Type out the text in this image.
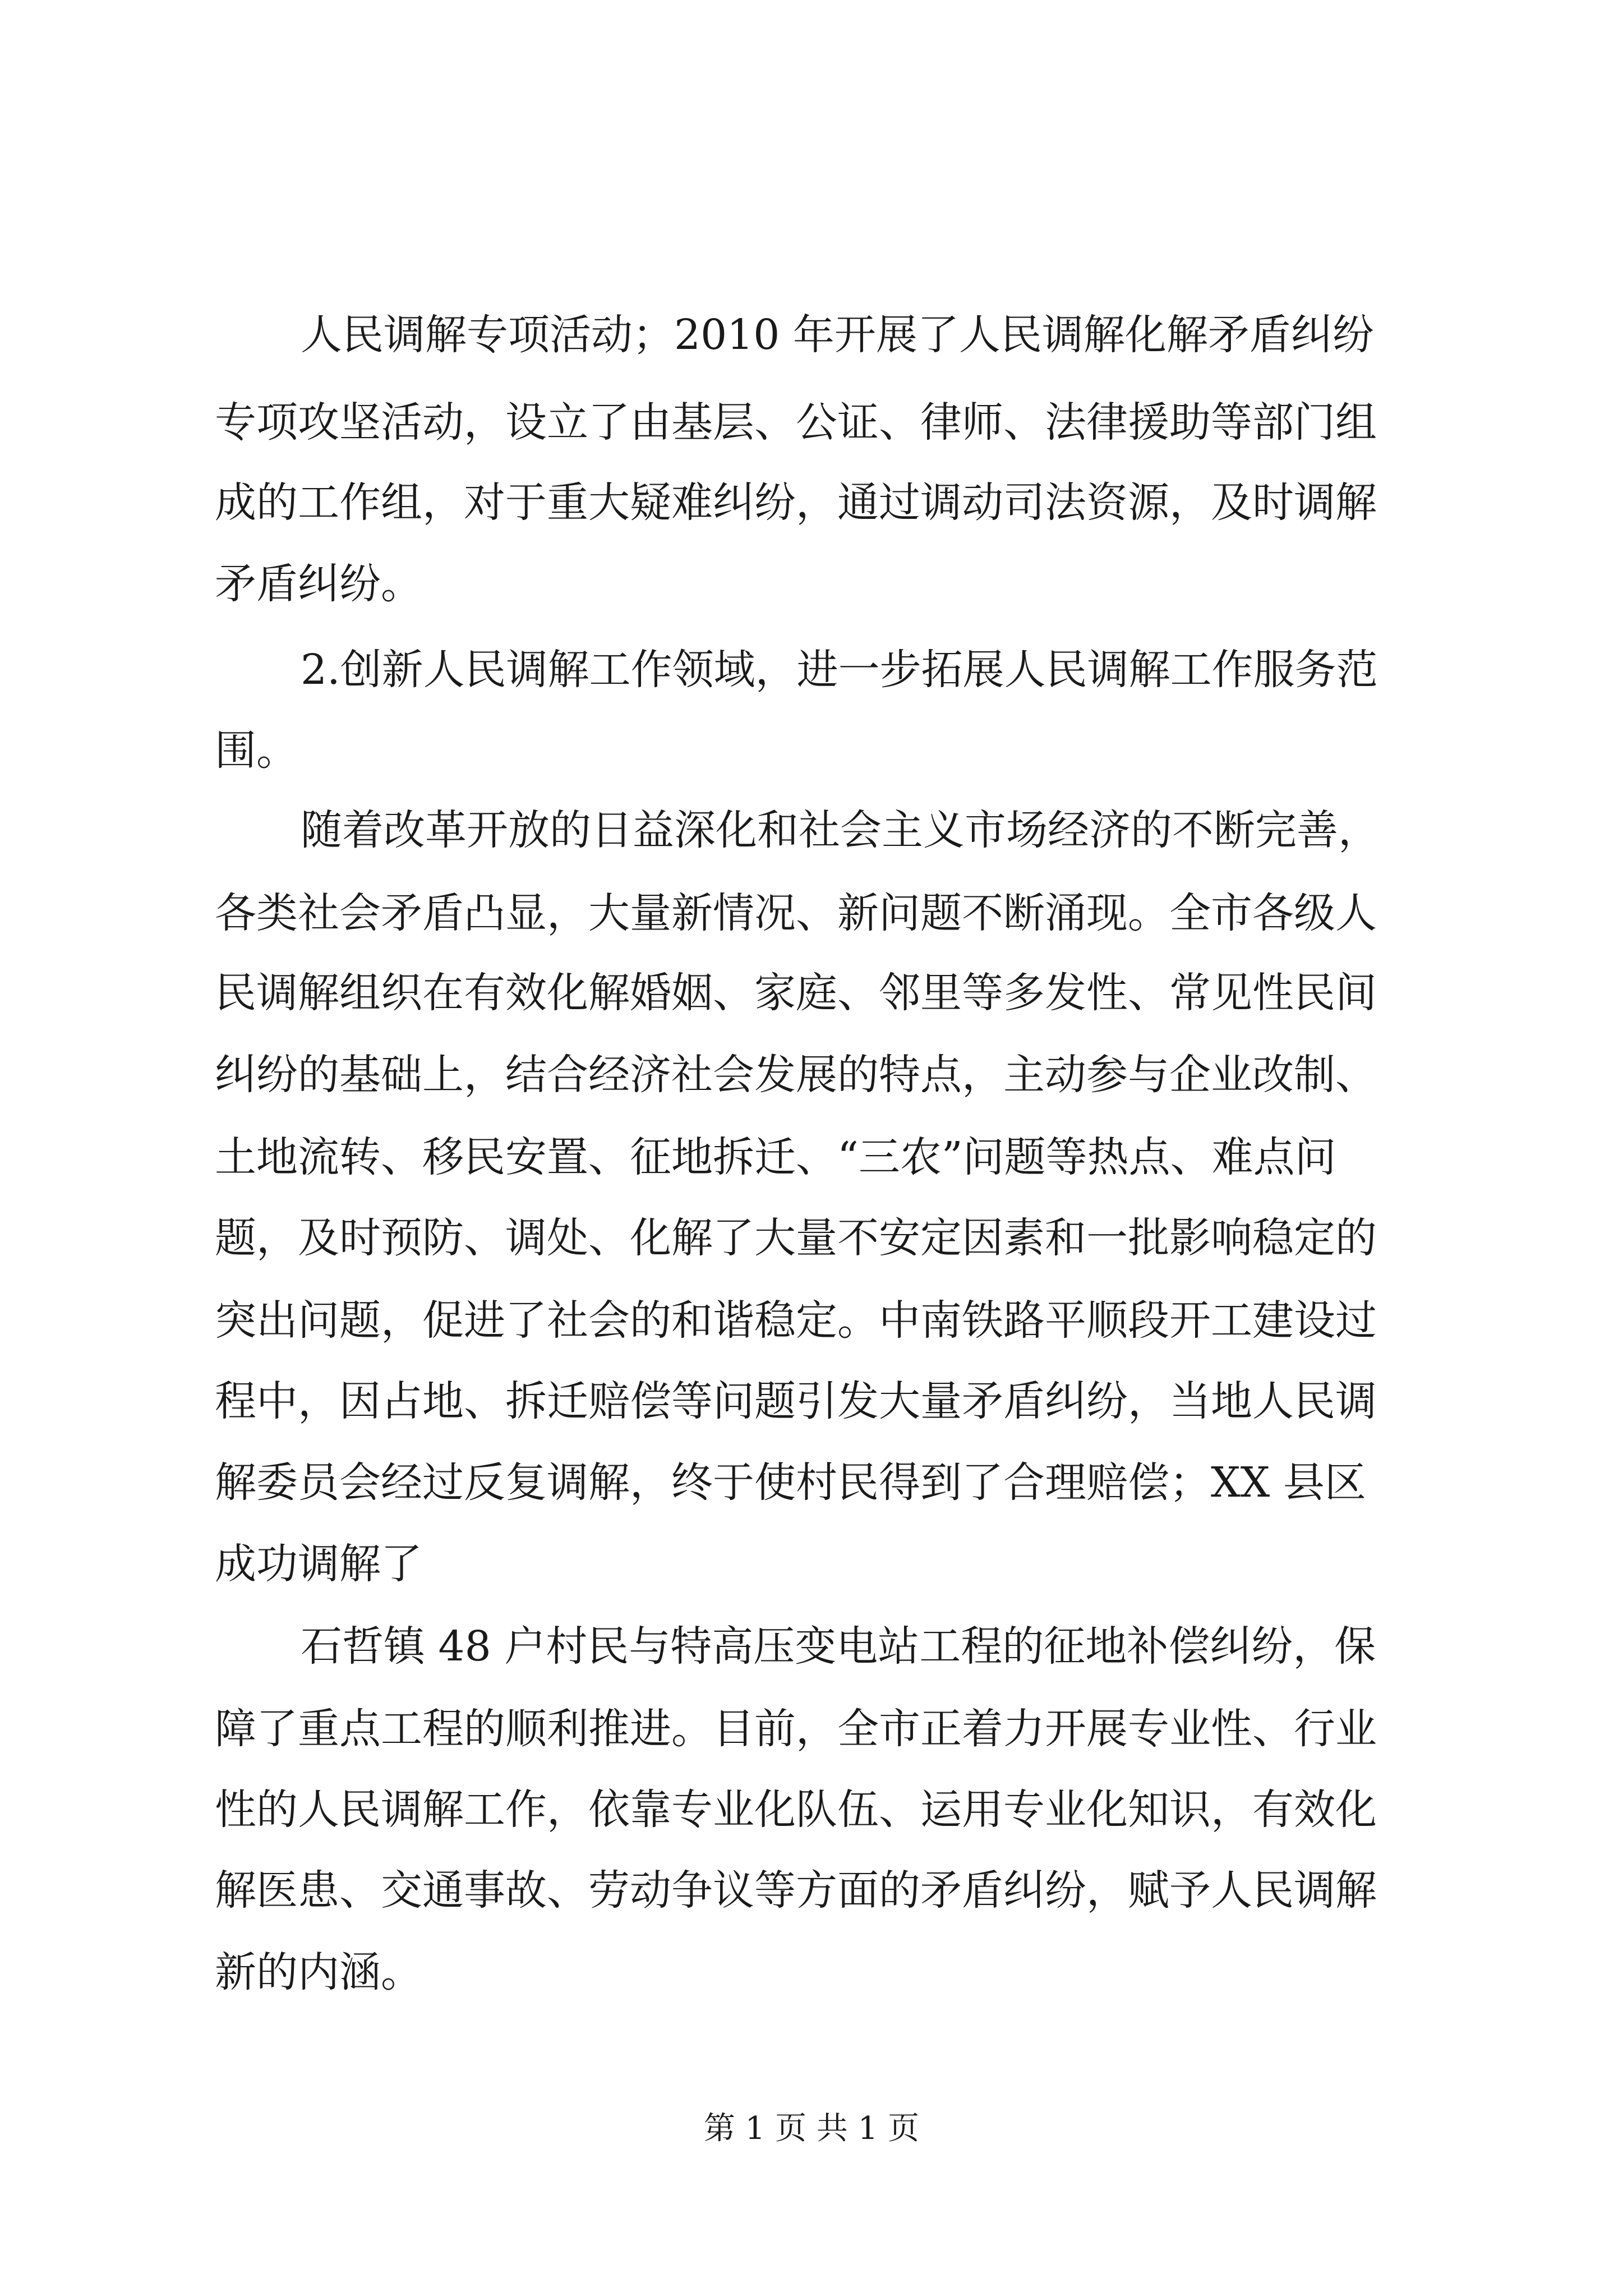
人民调解专项活动；2010 年开展了人民调解化解矛盾纠纷
专项攻坚活动，设立了由基层、公证、律师、法律援助等部门组
成的工作组，对于重大疑难纠纷，通过调动司法资源，及时调解
矛盾纠纷。
2.创新人民调解工作领域，进一步拓展人民调解工作服务范
围。
随着改革开放的日益深化和社会主义市场经济的不断完善，
各类社会矛盾凸显，大量新情况、新问题不断涌现。全市各级人
民调解组织在有效化解婚姻、家庭、邻里等多发性、常见性民间
纠纷的基础上，结合经济社会发展的特点，主动参与企业改制、
土地流转、移民安置、征地拆迁、“三农”问题等热点、难点问
题，及时预防、调处、化解了大量不安定因素和一批影响稳定的
突出问题，促进了社会的和谐稳定。中南铁路平顺段开工建设过
程中，因占地、拆迁赔偿等问题引发大量矛盾纠纷，当地人民调
解委员会经过反复调解，终于使村民得到了合理赔偿；XX 县区
成功调解了
石哲镇 48 户村民与特高压变电站工程的征地补偿纠纷，保
障了重点工程的顺利推进。目前，全市正着力开展专业性、行业
性的人民调解工作，依靠专业化队伍、运用专业化知识，有效化
解医患、交通事故、劳动争议等方面的矛盾纠纷，赋予人民调解
新的内涵。
第 1 页 共 1 页
